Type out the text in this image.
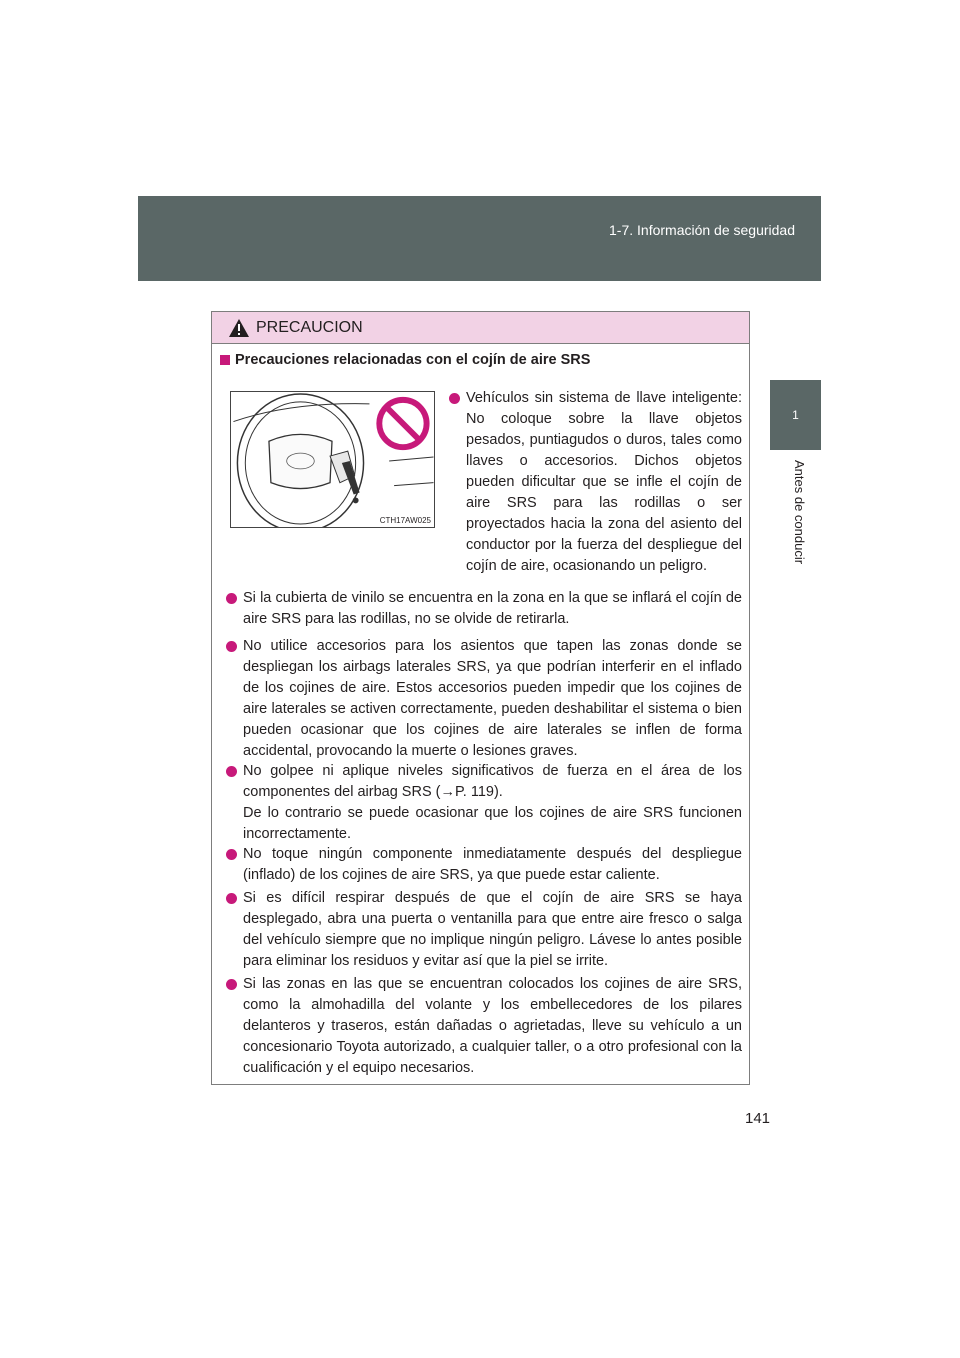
1-7. Información de seguridad
1
Antes de conducir
PRECAUCION
Precauciones relacionadas con el cojín de aire SRS
CTH17AW025
Vehículos sin sistema de llave inteligente: No coloque sobre la llave objetos pesados, puntiagudos o duros, tales como llaves o accesorios. Dichos objetos pueden dificultar que se infle el cojín de aire SRS para las rodillas o ser proyectados hacia la zona del asiento del conductor por la fuerza del despliegue del cojín de aire, ocasionando un peligro.
Si la cubierta de vinilo se encuentra en la zona en la que se inflará el cojín de aire SRS para las rodillas, no se olvide de retirarla.
No utilice accesorios para los asientos que tapen las zonas donde se despliegan los airbags laterales SRS, ya que podrían interferir en el inflado de los cojines de aire. Estos accesorios pueden impedir que los cojines de aire laterales se activen correctamente, pueden deshabilitar el sistema o bien pueden ocasionar que los cojines de aire laterales se inflen de forma accidental, provocando la muerte o lesiones graves.
No golpee ni aplique niveles significativos de fuerza en el área de los componentes del airbag SRS (→P. 119).
De lo contrario se puede ocasionar que los cojines de aire SRS funcionen incorrectamente.
No toque ningún componente inmediatamente después del despliegue (inflado) de los cojines de aire SRS, ya que puede estar caliente.
Si es difícil respirar después de que el cojín de aire SRS se haya desplegado, abra una puerta o ventanilla para que entre aire fresco o salga del vehículo siempre que no implique ningún peligro. Lávese lo antes posible para eliminar los residuos y evitar así que la piel se irrite.
Si las zonas en las que se encuentran colocados los cojines de aire SRS, como la almohadilla del volante y los embellecedores de los pilares delanteros y traseros, están dañadas o agrietadas, lleve su vehículo a un concesionario Toyota autorizado, a cualquier taller, o a otro profesional con la cualificación y el equipo necesarios.
141
